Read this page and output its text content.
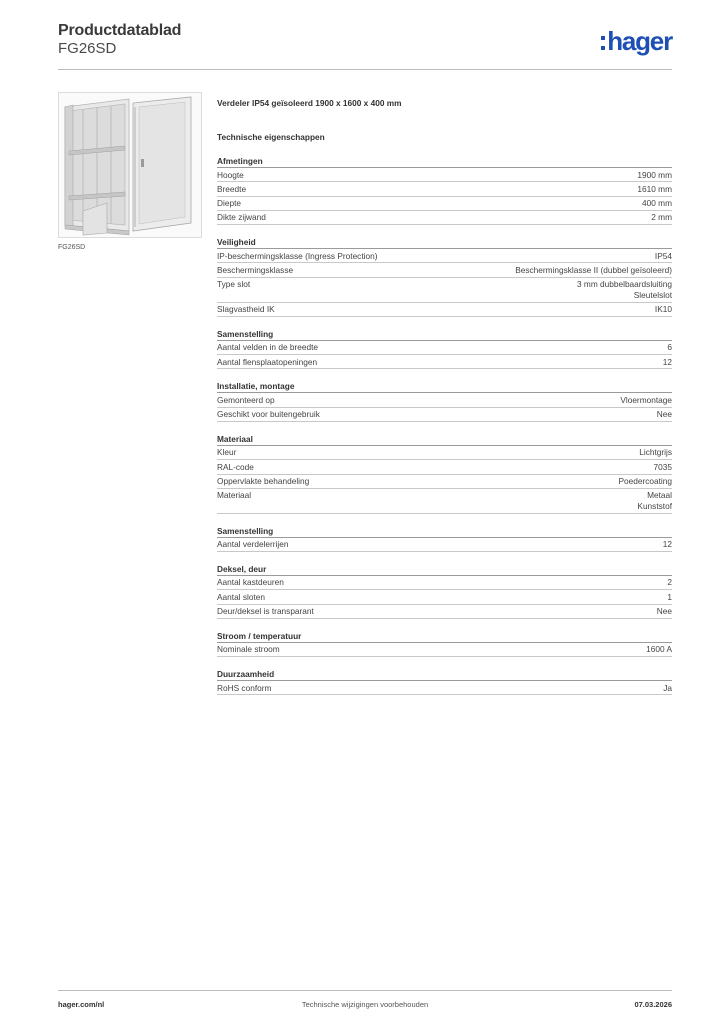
Productdatablad
FG26SD	hager
FG26SD
Verdeler IP54 geïsoleerd 1900 x 1600 x 400 mm
Technische eigenschappen
Afmetingen
Hoogte	1900 mm
Breedte	1610 mm
Diepte	400 mm
Dikte zijwand	2 mm
Veiligheid
IP-beschermingsklasse (Ingress Protection)	IP54
Beschermingsklasse	Beschermingsklasse II (dubbel geïsoleerd)
Type slot	3 mm dubbelbaardsluiting
Sleutelslot
Slagvastheid IK	IK10
Samenstelling
Aantal velden in de breedte	6
Aantal flensplaatopeningen	12
Installatie, montage
Gemonteerd op	Vloermontage
Geschikt voor buitengebruik	Nee
Materiaal
Kleur	Lichtgrijs
RAL-code	7035
Oppervlakte behandeling	Poedercoating
Materiaal	Metaal
Kunststof
Samenstelling
Aantal verdelerrijen	12
Deksel, deur
Aantal kastdeuren	2
Aantal sloten	1
Deur/deksel is transparant	Nee
Stroom / temperatuur
Nominale stroom	1600 A
Duurzaamheid
RoHS conform	Ja
hager.com/nl	Technische wijzigingen voorbehouden	07.03.2026
